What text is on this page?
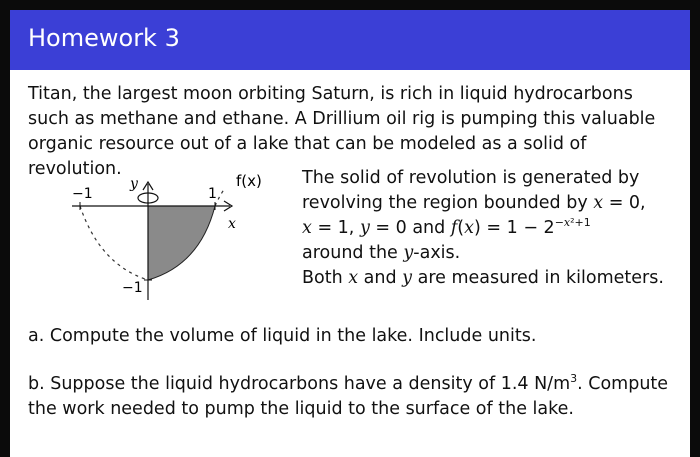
Homework 3
Titan, the largest moon orbiting Saturn, is rich in liquid hydrocarbons such as methane and ethane. A Drillium oil rig is pumping this valuable organic resource out of a lake that can be modeled as a solid of revolution.
−1	1
−1
y
x
f(x) The solid of revolution is generated by
revolving the region bounded by x = 0,
x = 1, y = 0 and $f(x) = 1 - 2^{-x^2+1}$
around the y-axis.
Both x and y are measured in kilometers.
a. Compute the volume of liquid in the lake. Include units.
b. Suppose the liquid hydrocarbons have a density of 1.4 $N/m^3$. Compute the work needed to pump the liquid to the surface of the lake.
